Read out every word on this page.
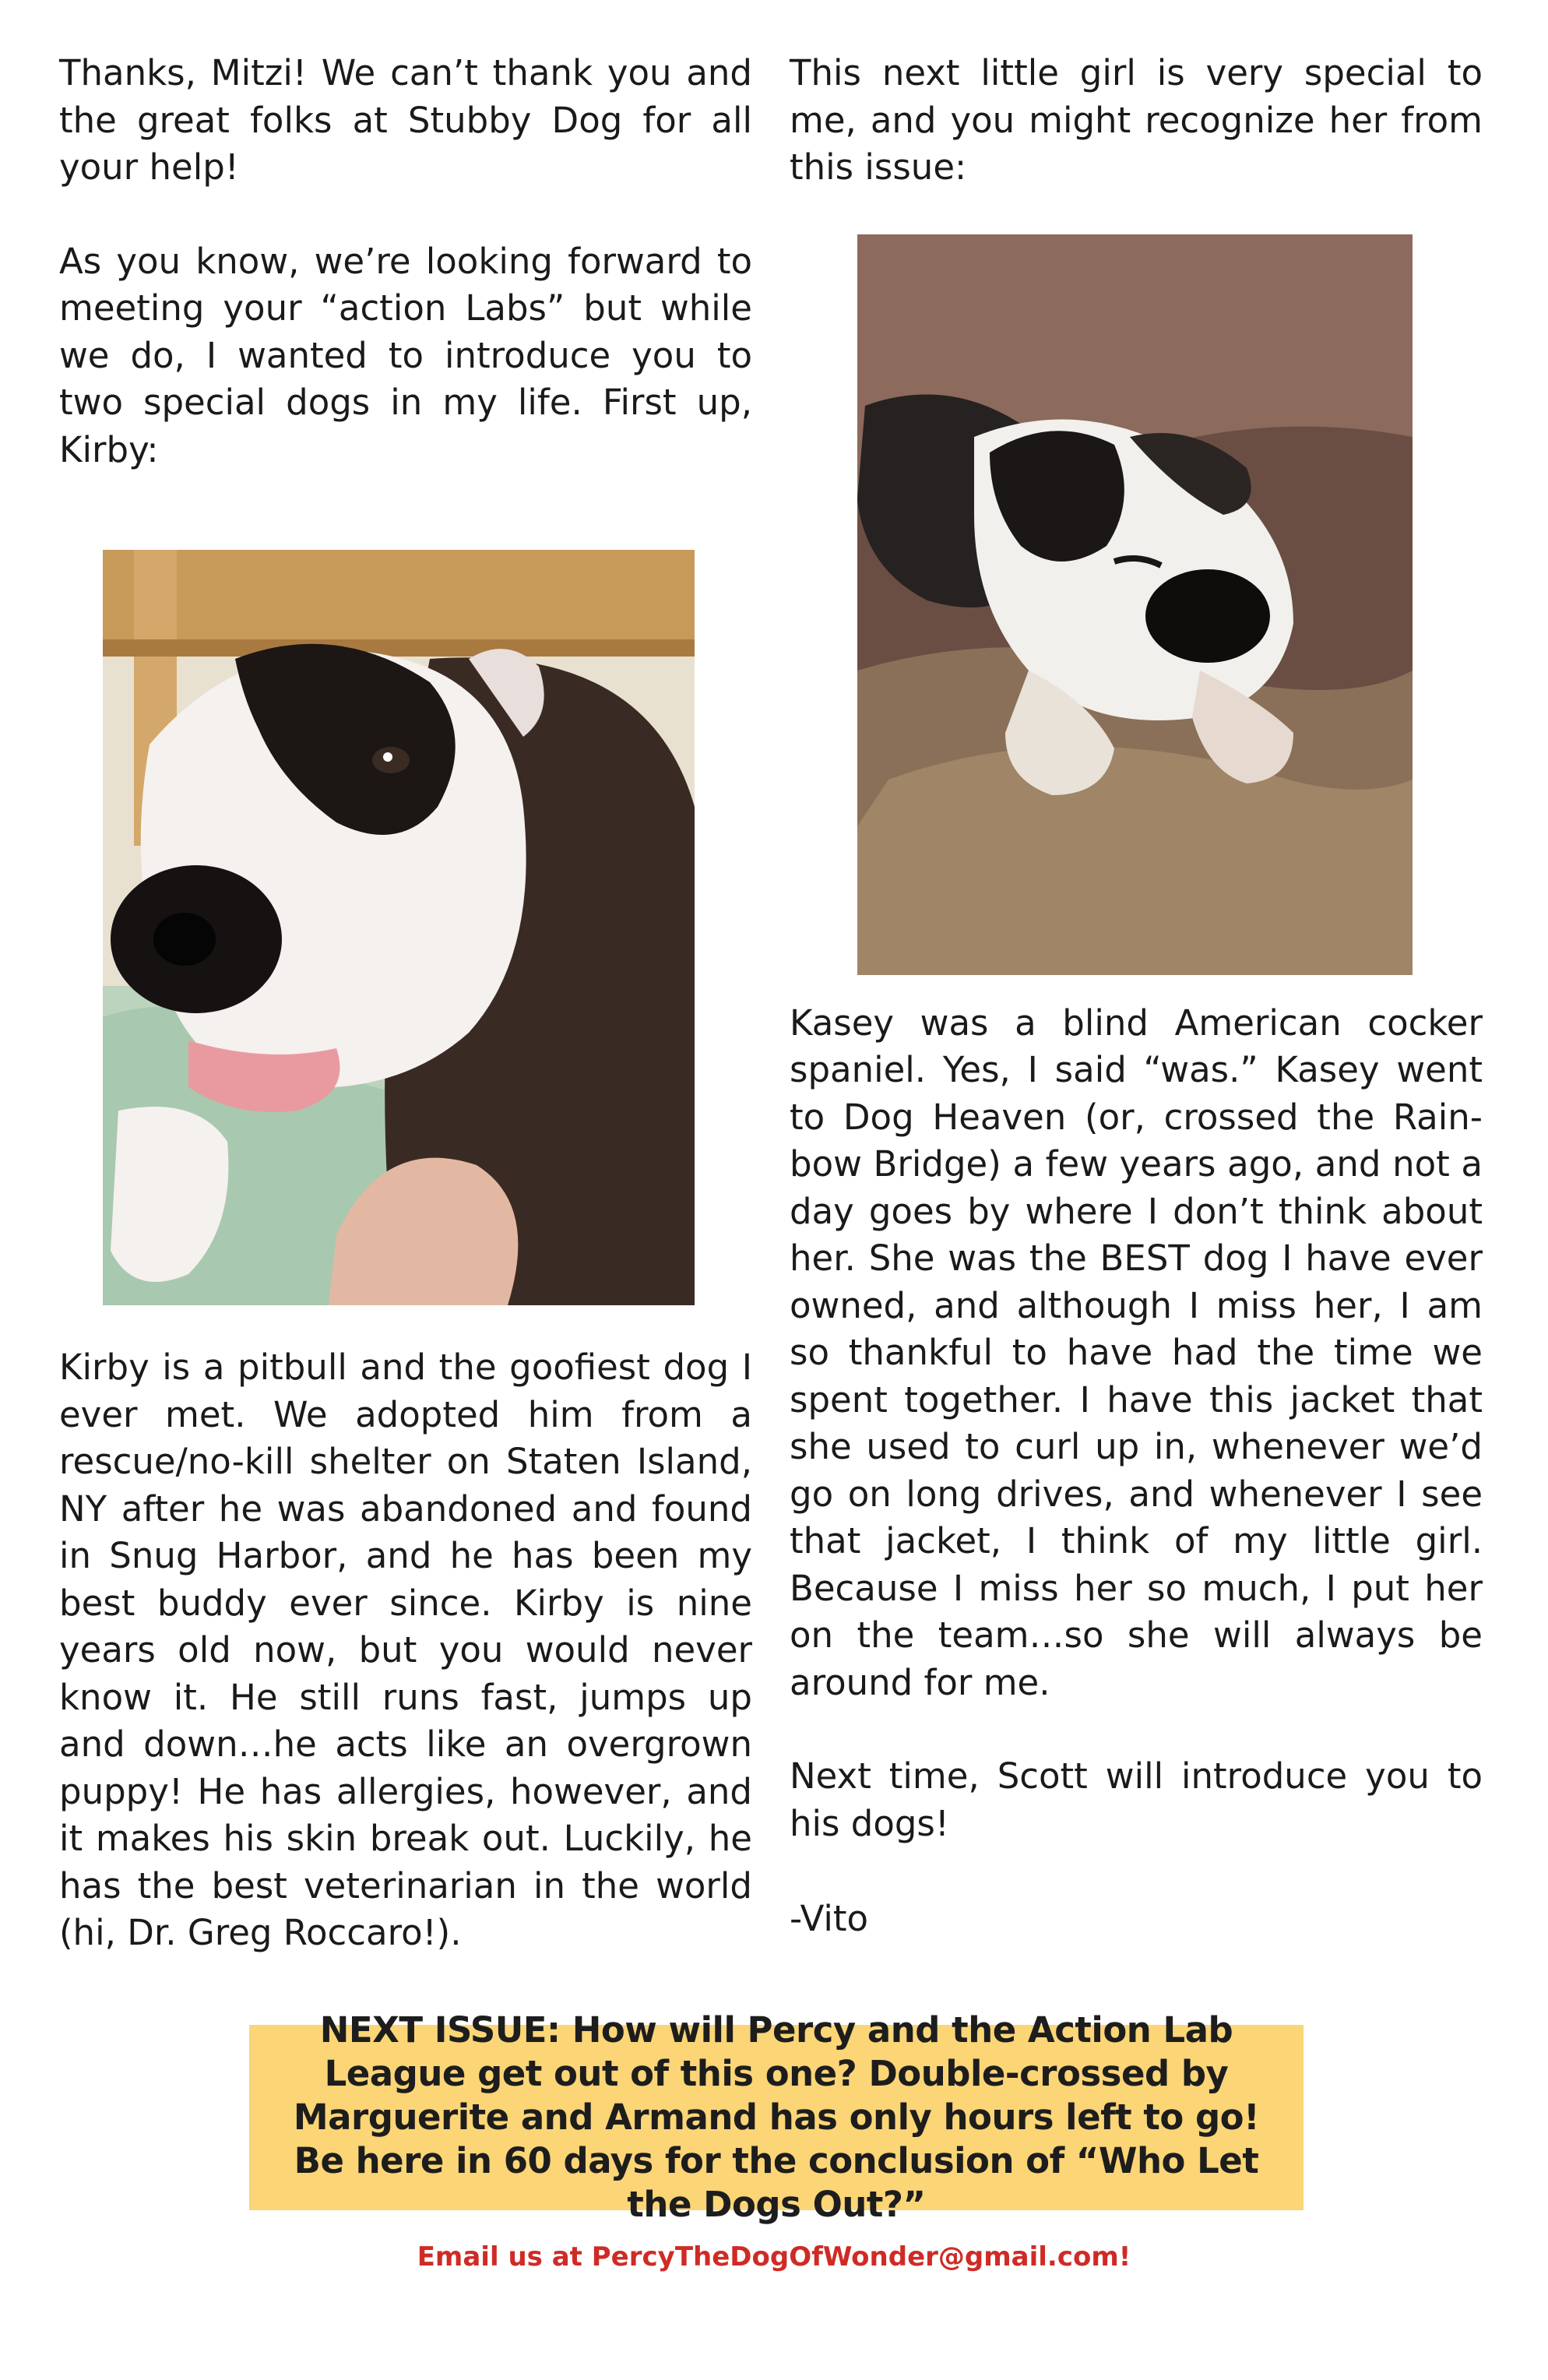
Thanks, Mitzi! We can’t thank you and the great folks at Stubby Dog for all your help!

As you know, we’re looking forward to meeting your “action Labs” but while we do, I wanted to introduce you to two special dogs in my life. First up, Kirby:

Kirby is a pitbull and the goofiest dog I ever met. We adopted him from a rescue/no-kill shelter on Staten Island, NY after he was abandoned and found in Snug Harbor, and he has been my best buddy ever since. Kirby is nine years old now, but you would never know it. He still runs fast, jumps up and down…he acts like an overgrown puppy! He has allergies, however, and it makes his skin break out. Luckily, he has the best veterinarian in the world (hi, Dr. Greg Roccaro!).

This next little girl is very special to me, and you might recognize her from this issue:

Kasey was a blind American cocker spaniel. Yes, I said “was.” Kasey went to Dog Heaven (or, crossed the Rainbow Bridge) a few years ago, and not a day goes by where I don’t think about her. She was the BEST dog I have ever owned, and although I miss her, I am so thankful to have had the time we spent together. I have this jacket that she used to curl up in, whenever we’d go on long drives, and whenever I see that jacket, I think of my little girl. Because I miss her so much, I put her on the team…so she will always be around for me.

Next time, Scott will introduce you to his dogs!

-Vito

NEXT ISSUE: How will Percy and the Action Lab League get out of this one? Double-crossed by Marguerite and Armand has only hours left to go! Be here in 60 days for the conclusion of “Who Let the Dogs Out?”

Email us at PercyTheDogOfWonder@gmail.com!
